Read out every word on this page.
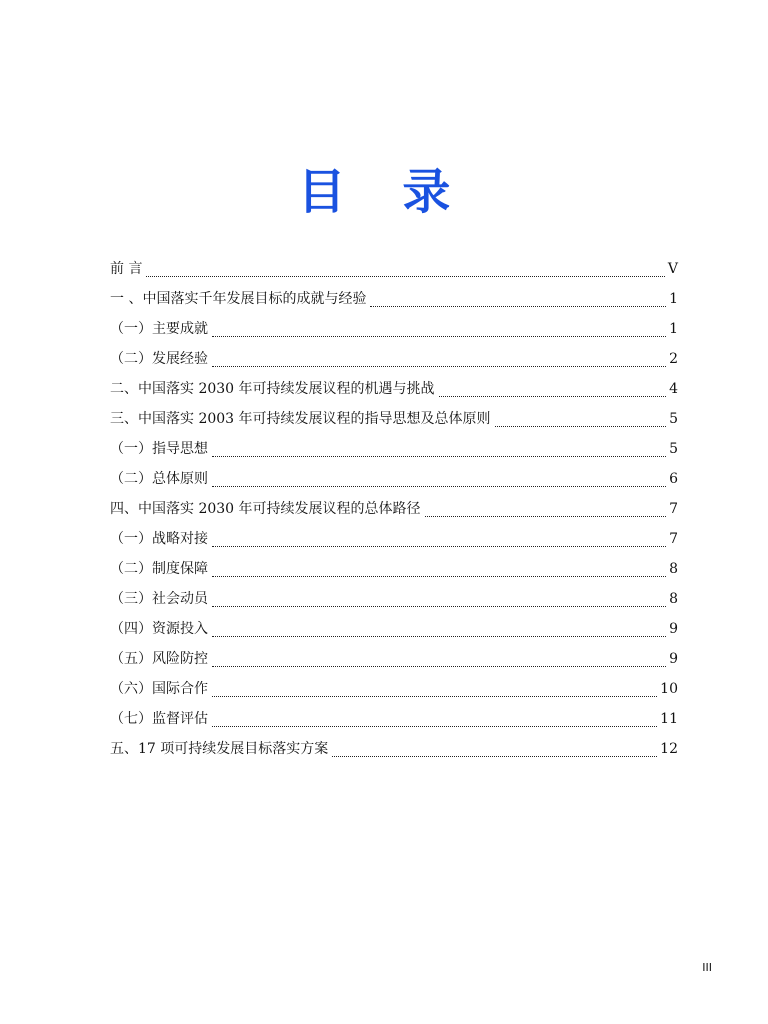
目 录
前 言	V
一 、中国落实千年发展目标的成就与经验	1
（一）主要成就	1
（二）发展经验	2
二、中国落实 2030 年可持续发展议程的机遇与挑战	4
三、中国落实 2003 年可持续发展议程的指导思想及总体原则	5
（一）指导思想	5
（二）总体原则	6
四、中国落实 2030 年可持续发展议程的总体路径	7
（一）战略对接	7
（二）制度保障	8
（三）社会动员	8
（四）资源投入	9
（五）风险防控	9
（六）国际合作	10
（七）监督评估	11
五、17 项可持续发展目标落实方案	12
III
